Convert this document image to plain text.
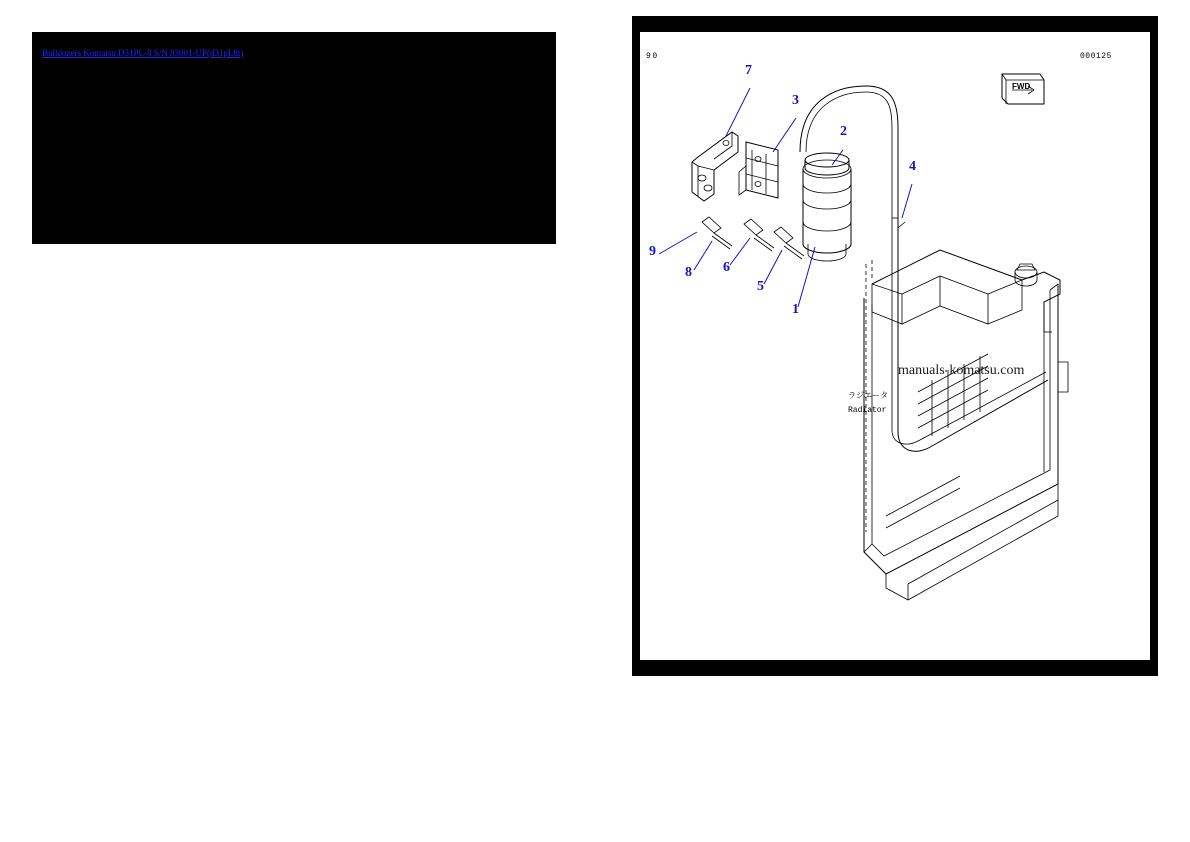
Bulldozers Komatsu D31PL-8 S/N 83001-UP(d31pL8t)	90	000125
FWD
7
3
2
4
9
8 6
5
1
ラジエータ
Radiator
manuals-komatsu.com
